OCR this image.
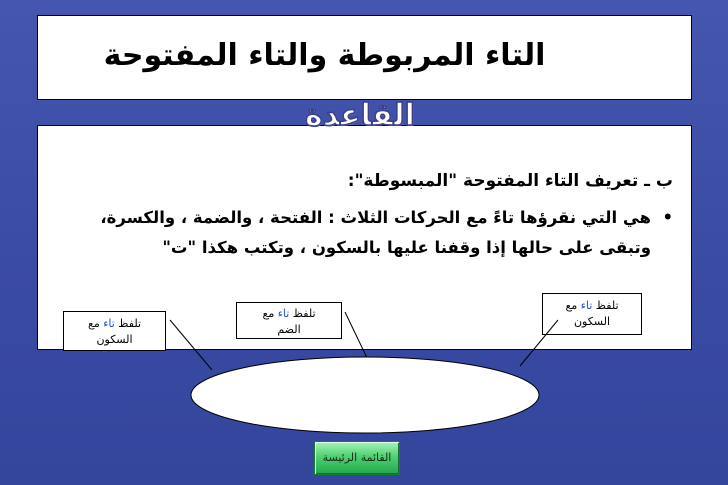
التاء المربوطة والتاء المفتوحة
ب ـ تعريف التاء المفتوحة "المبسوطة":
•
هي التي نقرؤها تاءً مع الحركات الثلاث : الفتحة ، والضمة ، والكسرة،
وتبقى على حالها إذا وقفنا عليها بالسكون ، وتكتب هكذا "ت"
القاعدة
تلفظ تاء مع
السكون
تلفظ تاء مع
الضم
تلفظ تاء مع
السكون
القائمة الرئيسة
